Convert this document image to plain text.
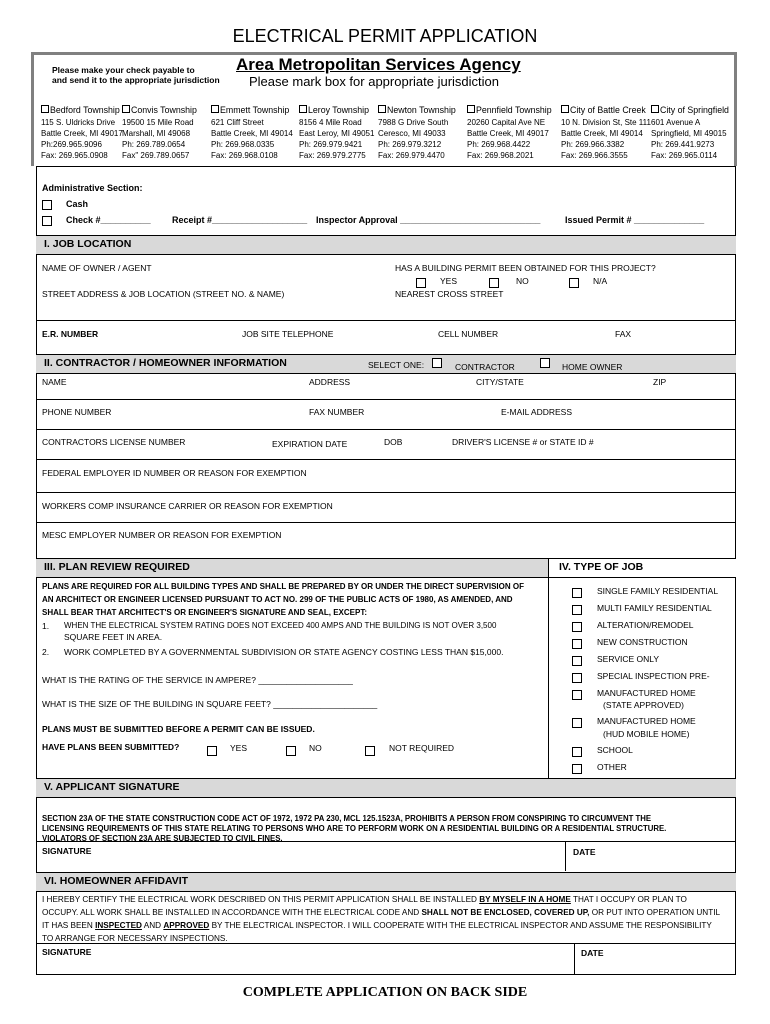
ELECTRICAL PERMIT APPLICATION
Please make your check payable to
and send it to the appropriate jurisdiction
Area Metropolitan Services Agency
Please mark box for appropriate jurisdiction
Bedford Township
115 S. Uldricks Drive
Battle Creek, MI 49017
Ph:269.965.9096
Fax: 269.965.0908
Convis Township
19500 15 Mile Road
Marshall, MI 49068
Ph: 269.789.0654
Fax" 269.789.0657
Emmett Township
621 Cliff Street
Battle Creek, MI 49014
Ph: 269.968.0335
Fax: 269.968.0108
Leroy Township
8156 4 Mile Road
East Leroy, MI 49051
Ph: 269.979.9421
Fax: 269.979.2775
Newton Township
7988 G Drive South
Ceresco, MI 49033
Ph: 269.979.3212
Fax: 269.979.4470
Pennfield Township
20260 Capital Ave NE
Battle Creek, MI 49017
Ph: 269.968.4422
Fax: 269.968.2021
City of Battle Creek
10 N. Division St, Ste 111
Battle Creek, MI 49014
Ph: 269.966.3382
Fax: 269.966.3555
City of Springfield
601 Avenue A
Springfield, MI 49015
Ph: 269.441.9273
Fax: 269.965.0114
Administrative Section:
Cash
Check #__________ Receipt #___________________ Inspector Approval ____________________________	Issued Permit # ______________
I. JOB LOCATION
NAME OF OWNER / AGENT	HAS A BUILDING PERMIT BEEN OBTAINED FOR THIS PROJECT?
YES	NO	N/A
STREET ADDRESS & JOB LOCATION (STREET NO. & NAME)	NEAREST CROSS STREET
E.R. NUMBER	JOB SITE TELEPHONE	CELL NUMBER	FAX
II. CONTRACTOR / HOMEOWNER INFORMATION	SELECT ONE:	CONTRACTOR	HOME OWNER
NAME	ADDRESS	CITY/STATE	ZIP
PHONE NUMBER	FAX NUMBER	E-MAIL ADDRESS
CONTRACTORS LICENSE NUMBER	EXPIRATION DATE	DOB	DRIVER'S LICENSE # or STATE ID #
FEDERAL EMPLOYER ID NUMBER OR REASON FOR EXEMPTION
WORKERS COMP INSURANCE CARRIER OR REASON FOR EXEMPTION
MESC EMPLOYER NUMBER OR REASON FOR EXEMPTION
III. PLAN REVIEW REQUIRED	IV. TYPE OF JOB
PLANS ARE REQUIRED FOR ALL BUILDING TYPES AND SHALL BE PREPARED BY OR UNDER THE DIRECT SUPERVISION OF
AN ARCHITECT OR ENGINEER LICENSED PURSUANT TO ACT NO. 299 OF THE PUBLIC ACTS OF 1980, AS AMENDED, AND
SHALL BEAR THAT ARCHITECT'S OR ENGINEER'S SIGNATURE AND SEAL, EXCEPT:
1. WHEN THE ELECTRICAL SYSTEM RATING DOES NOT EXCEED 400 AMPS AND THE BUILDING IS NOT OVER 3,500
SQUARE FEET IN AREA.
2. WORK COMPLETED BY A GOVERNMENTAL SUBDIVISION OR STATE AGENCY COSTING LESS THAN $15,000.
WHAT IS THE RATING OF THE SERVICE IN AMPERE? ____________________
WHAT IS THE SIZE OF THE BUILDING IN SQUARE FEET? ______________________
PLANS MUST BE SUBMITTED BEFORE A PERMIT CAN BE ISSUED.
HAVE PLANS BEEN SUBMITTED?	YES	NO	NOT REQUIRED
SINGLE FAMILY RESIDENTIAL
MULTI FAMILY RESIDENTIAL
ALTERATION/REMODEL
NEW CONSTRUCTION
SERVICE ONLY
SPECIAL INSPECTION PRE-
MANUFACTURED HOME
MANUFACTURED HOME
SCHOOL
OTHER
(STATE APPROVED)
(HUD MOBILE HOME)
V. APPLICANT SIGNATURE
SECTION 23A OF THE STATE CONSTRUCTION CODE ACT OF 1972, 1972 PA 230, MCL 125.1523A, PROHIBITS A PERSON FROM CONSPIRING TO CIRCUMVENT THE
LICENSING REQUIREMENTS OF THIS STATE RELATING TO PERSONS WHO ARE TO PERFORM WORK ON A RESIDENTIAL BUILDING OR A RESIDENTIAL STRUCTURE.
VIOLATORS OF SECTION 23A ARE SUBJECTED TO CIVIL FINES.
SIGNATURE	DATE
VI. HOMEOWNER AFFIDAVIT
I HEREBY CERTIFY THE ELECTRICAL WORK DESCRIBED ON THIS PERMIT APPLICATION SHALL BE INSTALLED BY MYSELF IN A HOME THAT I OCCUPY OR PLAN TO
OCCUPY. ALL WORK SHALL BE INSTALLED IN ACCORDANCE WITH THE ELECTRICAL CODE AND SHALL NOT BE ENCLOSED, COVERED UP, OR PUT INTO OPERATION UNTIL
IT HAS BEEN INSPECTED AND APPROVED BY THE ELECTRICAL INSPECTOR. I WILL COOPERATE WITH THE ELECTRICAL INSPECTOR AND ASSUME THE RESPONSIBILITY
TO ARRANGE FOR NECESSARY INSPECTIONS.
SIGNATURE	DATE
COMPLETE APPLICATION ON BACK SIDE
